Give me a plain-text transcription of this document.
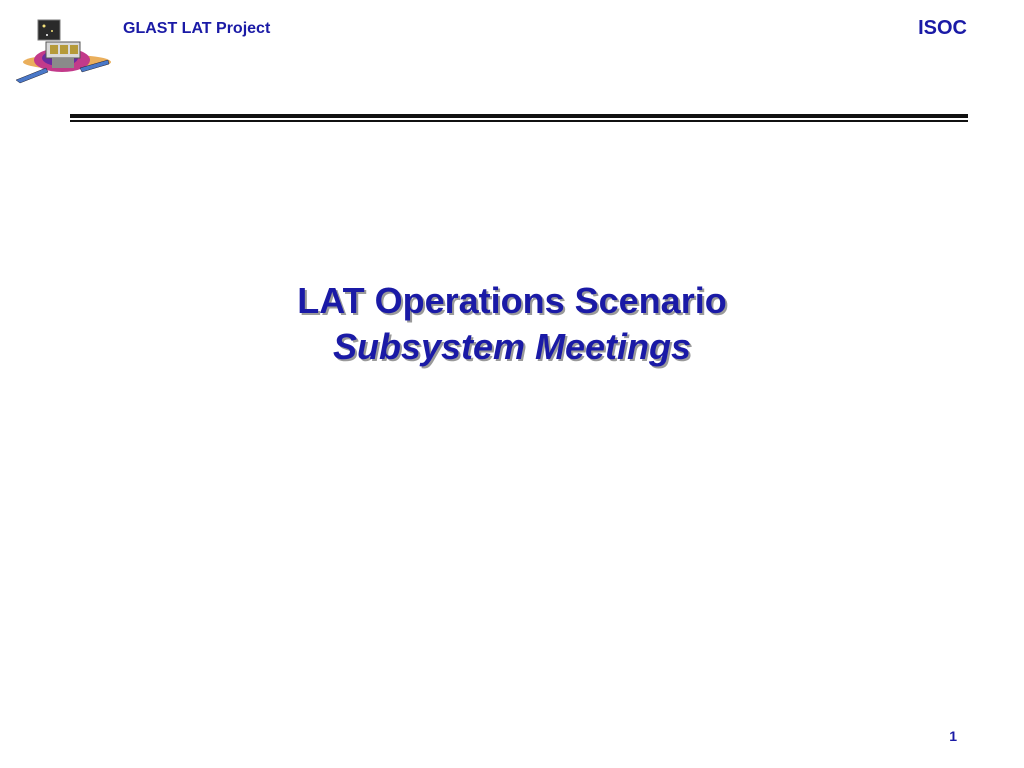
GLAST LAT Project	ISOC
LAT Operations Scenario
Subsystem Meetings
1
